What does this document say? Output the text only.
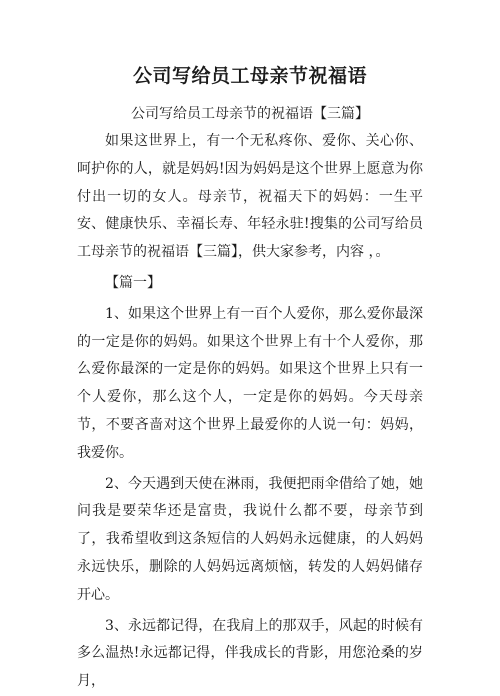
公司写给员工母亲节祝福语
公司写给员工母亲节的祝福语【三篇】

如果这世界上，有一个无私疼你、爱你、关心你、呵护你的人，就是妈妈!因为妈妈是这个世界上愿意为你付出一切的女人。母亲节，祝福天下的妈妈：一生平安、健康快乐、幸福长寿、年轻永驻!搜集的公司写给员工母亲节的祝福语【三篇】，供大家参考，内容 ，。

【篇一】

1、如果这个世界上有一百个人爱你，那么爱你最深的一定是你的妈妈。如果这个世界上有十个人爱你，那么爱你最深的一定是你的妈妈。如果这个世界上只有一个人爱你，那么这个人，一定是你的妈妈。今天母亲节，不要吝啬对这个世界上最爱你的人说一句：妈妈，我爱你。

2、今天遇到天使在淋雨，我便把雨伞借给了她，她问我是要荣华还是富贵，我说什么都不要，母亲节到了，我希望收到这条短信的人妈妈永远健康，的人妈妈永远快乐，删除的人妈妈远离烦恼，转发的人妈妈储存开心。

3、永远都记得，在我肩上的那双手，风起的时候有多么温热!永远都记得，伴我成长的背影，用您沧桑的岁月，
